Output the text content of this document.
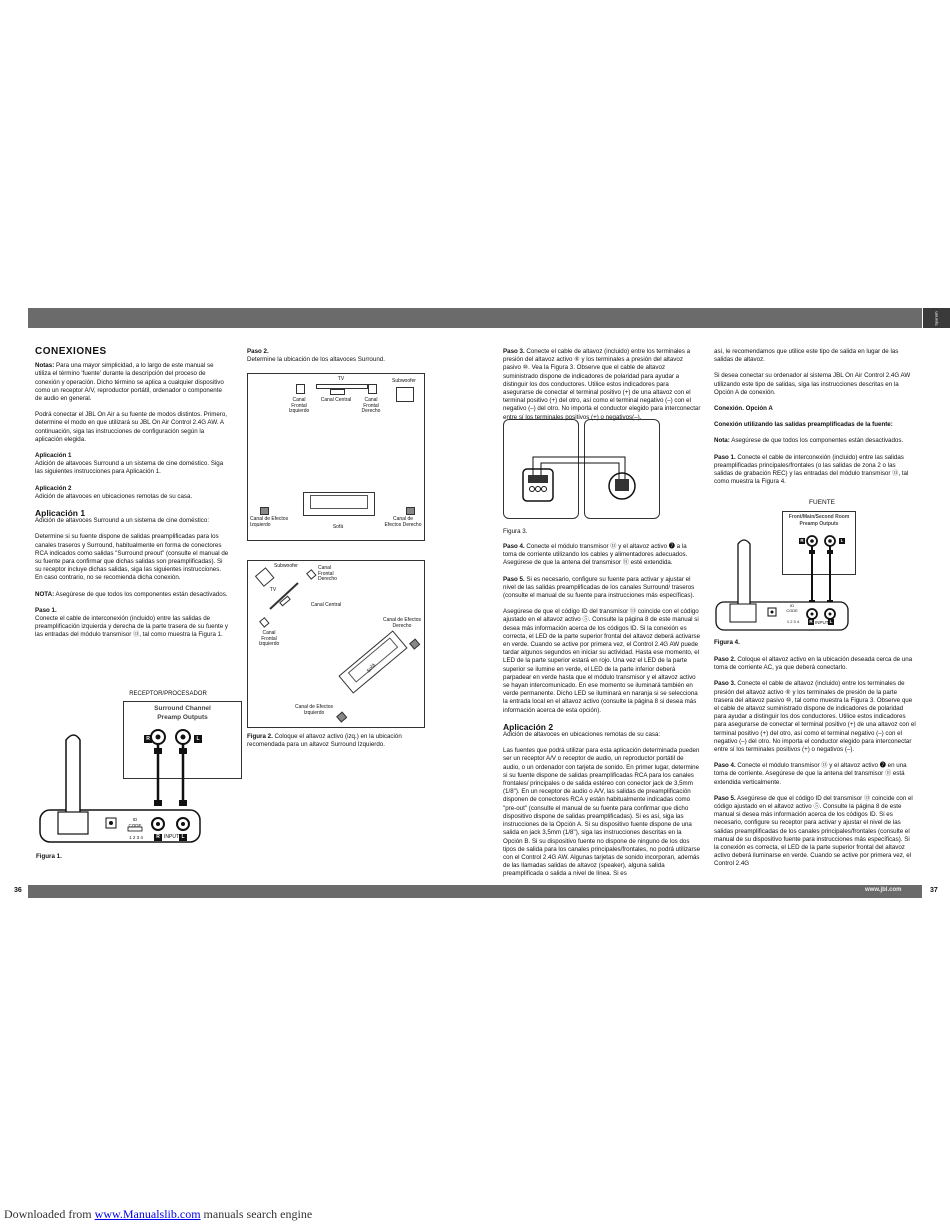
Spanish
36	37
www.jbl.com
CONEXIONES

Notas: Para una mayor simplicidad, a lo largo de este manual se utiliza el término 'fuente' durante la descripción del proceso de conexión y operación. Dicho término se aplica a cualquier dispositivo como un receptor A/V, reproductor portátil, ordenador o componente de audio en general.

Podrá conectar el JBL On Air a su fuente de modos distintos. Primero, determine el modo en que utilizará su JBL On Air Control 2.4G AW. A continuación, siga las instrucciones de configuración según la aplicación elegida.

Aplicación 1

Adición de altavoces Surround a un sistema de cine doméstico. Siga las siguientes instrucciones para Aplicación 1.

Aplicación 2

Adición de altavoces en ubicaciones remotas de su casa.

Aplicación 1

Adición de altavoces Surround a un sistema de cine doméstico:

Determine si su fuente dispone de salidas preamplificadas para los canales traseros y Surround, habitualmente en forma de conectores RCA indicados como salidas "Surround preout" (consulte el manual de su fuente para confirmar que dichas salidas son preamplificadas). Si su receptor incluye dichas salidas, siga las siguientes instrucciones. En caso contrario, no se recomienda dicha conexión.

NOTA: Asegúrese de que todos los componentes están desactivados.

Paso 1.

Conecte el cable de interconexión (incluido) entre las salidas de preamplificación izquierda y derecha de la parte trasera de su fuente y las entradas del módulo transmisor ⑬, tal como muestra la Figura 1.

RECEPTOR/PROCESADOR
Surround Channel
Preamp Outputs
R	L
ID
CODE
1 2 3 4	R INPUT L
Figura 1.
Paso 2.

Determine la ubicación de los altavoces Surround.

TV
Canal Central
Canal Frontal Izquierdo
Canal Frontal Derecho
Subwoofer
Sofá
Canal de Efectos Izquierdo
Canal de Efectos Derecho
Subwoofer
TV
Canal Frontal Derecho
Canal Central
Canal Frontal Izquierdo
Canal de Efectos Derecho
Sofá
Canal de Efectos Izquierdo
Figura 2. Coloque el altavoz activo (izq.) en la ubicación recomendada para un altavoz Surround Izquierdo.

Paso 3. Conecte el cable de altavoz (incluido) entre los terminales a presión del altavoz activo ⑥ y los terminales a presión del altavoz pasivo ⑩. Vea la Figura 3. Observe que el cable de altavoz suministrado dispone de indicadores de polaridad para ayudar a distinguir los dos conductores. Utilice estos indicadores para asegurarse de conectar el terminal positivo (+) de una altavoz con el terminal positivo (+) del otro, así como el terminal negativo (–) con el negativo (–) del otro. No importa el conductor elegido para interconectar entre sí los terminales positivos (+) o negativos(–).

Figura 3.

Paso 4. Conecte el módulo transmisor ⑬ y el altavoz activo ❼ a la toma de corriente utilizando los cables y alimentadores adecuados. Asegúrese de que la antena del transmisor ⑪ esté extendida.

Paso 5. Si es necesario, configure su fuente para activar y ajustar el nivel de las salidas preamplificadas de los canales Surround/ traseros (consulte el manual de su fuente para instrucciones más específicas).

Asegúrese de que el código ID del transmisor ⑬ coincide con el código ajustado en el altavoz activo ⑤. Consulte la página 8 de este manual si desea más información acerca de los códigos ID. Si la conexión es correcta, el LED de la parte superior frontal del altavoz deberá activarse en verde. Cuando se active por primera vez, el Control 2.4G AW puede tardar algunos segundos en iniciar su actividad. Hasta ese momento, el LED de la parte superior estará en rojo. Una vez el LED de la parte superior se ilumine en verde, el LED de la parte inferior deberá parpadear en verde hasta que el módulo transmisor y el altavoz activo se hayan intercomunicado. En ese momento se iluminará también en verde permanente. Dicho LED se iluminará en naranja si se selecciona la entrada local en el altavoz activo (consulte la página 8 si desea más información acerca de esta opción).

Aplicación 2

Adición de altavoces en ubicaciones remotas de su casa:

Las fuentes que podrá utilizar para esta aplicación determinada pueden ser un receptor A/V o receptor de audio, un reproductor portátil de audio, o un ordenador con tarjeta de sonido. En primer lugar, determine si su fuente dispone de salidas preamplificadas RCA para los canales frontales/ principales o de salida estéreo con conector jack de 3,5mm (1/8"). En un receptor de audio o A/V, las salidas de preamplificación disponen de conectores RCA y están habitualmente indicadas como "pre-out" (consulte el manual de su fuente para confirmar que dicho dispositivo dispone de salidas preamplificadas). Si es así, siga las instrucciones de la Opción A. Si su dispositivo fuente dispone de una salida en jack 3,5mm (1/8"), siga las instrucciones descritas en la Opción B. Si su dispositivo fuente no dispone de ninguno de los dos tipos de salida para los canales principales/frontales, no podrá utilizarse con el Control 2.4G AW. Algunas tarjetas de sonido incorporan, además de las llamadas salidas de altavoz (speaker), alguna salida preamplificada o salida a nivel de línea. Si es

así, le recomendamos que utilice este tipo de salida en lugar de las salidas de altavoz.

Si desea conectar su ordenador al sistema JBL On Air Control 2.4G AW utilizando este tipo de salidas, siga las instrucciones descritas en la Opción A de conexión.

Conexión. Opción A

Conexión utilizando las salidas preamplificadas de la fuente:

Nota: Asegúrese de que todos los componentes están desactivados.

Paso 1. Conecte el cable de interconexión (incluido) entre las salidas preamplificadas principales/frontales (o las salidas de zona 2 o las salidas de grabación REC) y las entradas del módulo transmisor ⑬, tal como muestra la Figura 4.

FUENTE
Front/Main/Second Room
Preamp Outputs
R	L
ID
CODE
1 2 3 4	R INPUT L
Figura 4.

Paso 2. Coloque el altavoz activo en la ubicación deseada cerca de una toma de corriente AC, ya que deberá conectarlo.

Paso 3. Conecte el cable de altavoz (incluido) entre los terminales de presión del altavoz activo ⑥ y los terminales de presión de la parte trasera del altavoz pasivo ⑩, tal como muestra la Figura 3. Observe que el cable de altavoz suministrado dispone de indicadores de polaridad para ayudar a distinguir los dos conductores. Utilice estos indicadores para asegurarse de conectar el terminal positivo (+) de una altavoz con el terminal positivo (+) del otro, así como el terminal negativo (–) con el negativo (–) del otro. No importa el conductor elegido para interconectar entre sí los terminales positivos (+) o negativos (–).

Paso 4. Conecte el módulo transmisor ⑬ y el altavoz activo ❼ en una toma de corriente. Asegúrese de que la antena del transmisor ⑪ está extendida verticalmente.

Paso 5. Asegúrese de que el código ID del transmisor ⑬ coincide con el código ajustado en el altavoz activo ⑤. Consulte la página 8 de este manual si desea más información acerca de los códigos ID. Si es necesario, configure su receptor para activar y ajustar el nivel de las salidas preamplificadas de los canales principales/frontales (consulte el manual de su dispositivo fuente para instrucciones más específicas). Si la conexión es correcta, el LED de la parte superior frontal del altavoz activo deberá iluminarse en verde. Cuando se active por primera vez, el Control 2.4G

Downloaded from www.Manualslib.com manuals search engine
